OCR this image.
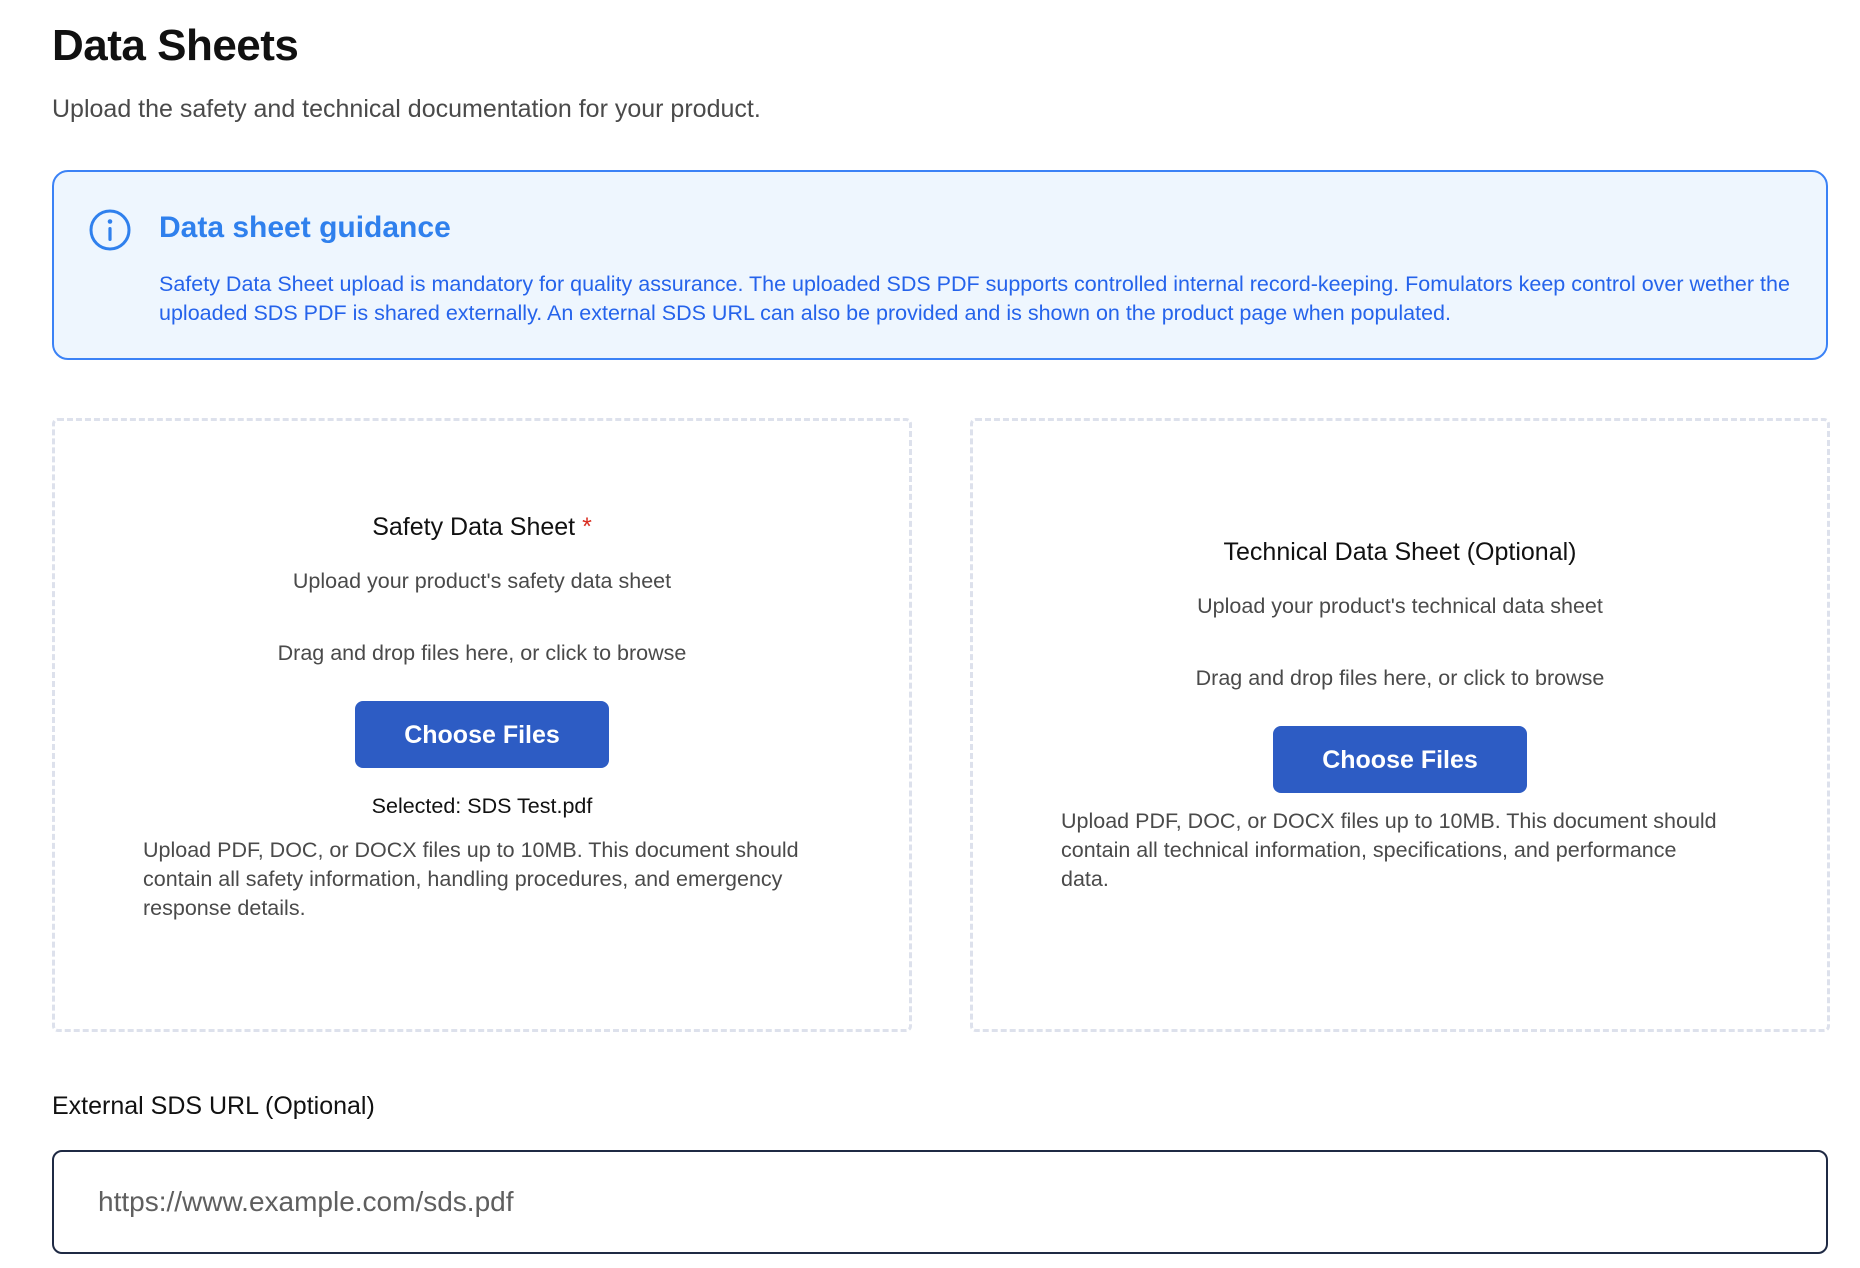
Data Sheets
Upload the safety and technical documentation for your product.
Data sheet guidance
Safety Data Sheet upload is mandatory for quality assurance. The uploaded SDS PDF supports controlled internal record-keeping. Fomulators keep control over wether the uploaded SDS PDF is shared externally. An external SDS URL can also be provided and is shown on the product page when populated.
Safety Data Sheet *
Upload your product's safety data sheet
Drag and drop files here, or click to browse
Choose Files
Selected: SDS Test.pdf
Upload PDF, DOC, or DOCX files up to 10MB. This document should contain all safety information, handling procedures, and emergency response details.
Technical Data Sheet (Optional)
Upload your product's technical data sheet
Drag and drop files here, or click to browse
Choose Files
Upload PDF, DOC, or DOCX files up to 10MB. This document should contain all technical information, specifications, and performance data.
External SDS URL (Optional)
https://www.example.com/sds.pdf
